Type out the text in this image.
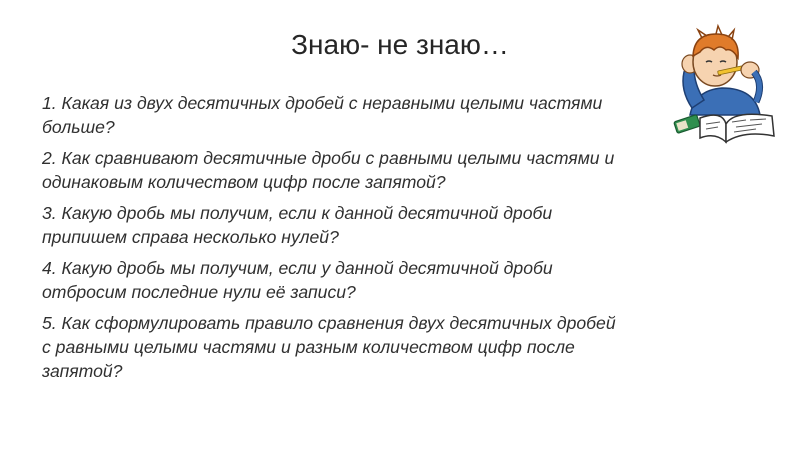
Знаю- не знаю…
1. Какая из двух десятичных дробей с неравными целыми частями
больше?
2. Как сравнивают десятичные дроби с равными целыми частями и
одинаковым количеством цифр после запятой?
3. Какую дробь мы получим, если к данной десятичной дроби
припишем справа несколько нулей?
4. Какую дробь мы получим, если у данной десятичной дроби
отбросим последние нули её записи?
5. Как сформулировать правило сравнения двух десятичных дробей
с равными целыми частями и разным количеством цифр после
запятой?
